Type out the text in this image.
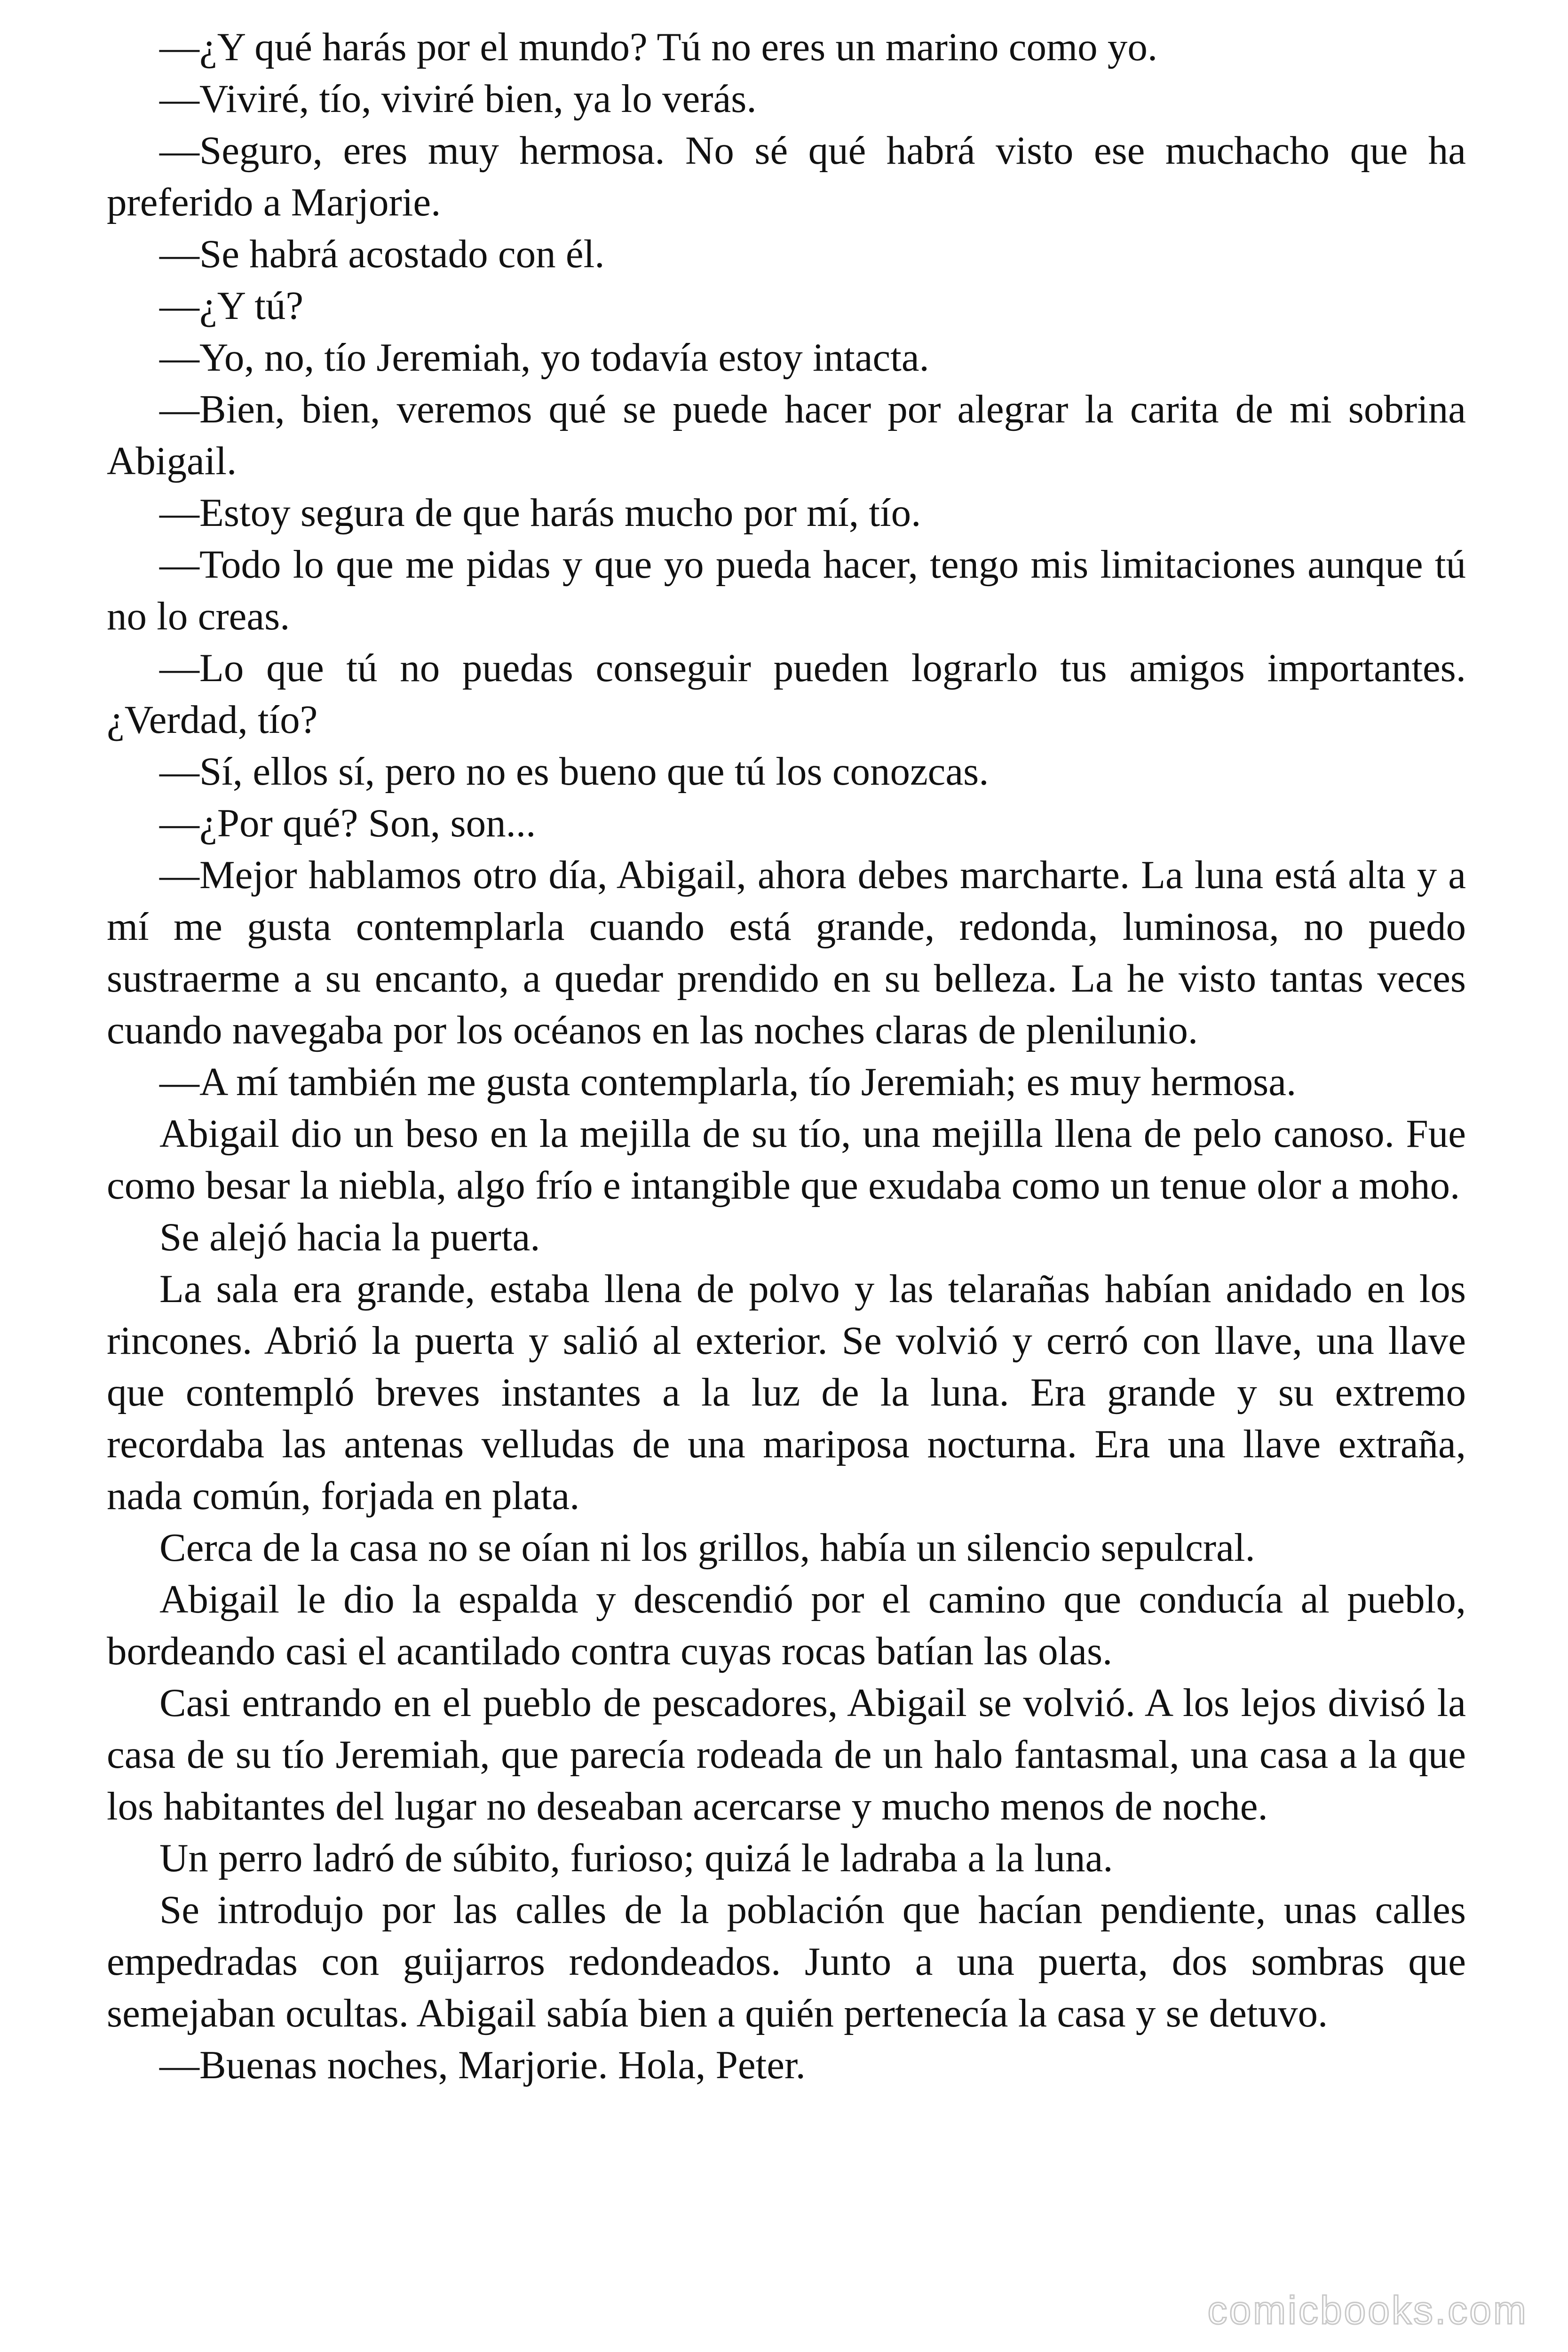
—¿Y qué harás por el mundo? Tú no eres un marino como yo.

—Viviré, tío, viviré bien, ya lo verás.

—Seguro, eres muy hermosa. No sé qué habrá visto ese muchacho que ha preferido a Marjorie.

—Se habrá acostado con él.

—¿Y tú?

—Yo, no, tío Jeremiah, yo todavía estoy intacta.

—Bien, bien, veremos qué se puede hacer por alegrar la carita de mi sobrina Abigail.

—Estoy segura de que harás mucho por mí, tío.

—Todo lo que me pidas y que yo pueda hacer, tengo mis limitaciones aunque tú no lo creas.

—Lo que tú no puedas conseguir pueden lograrlo tus amigos importantes. ¿Verdad, tío?

—Sí, ellos sí, pero no es bueno que tú los conozcas.

—¿Por qué? Son, son...

—Mejor hablamos otro día, Abigail, ahora debes marcharte. La luna está alta y a mí me gusta contemplarla cuando está grande, redonda, luminosa, no puedo sustraerme a su encanto, a quedar prendido en su belleza. La he visto tantas veces cuando navegaba por los océanos en las noches claras de plenilunio.

—A mí también me gusta contemplarla, tío Jeremiah; es muy hermosa.

Abigail dio un beso en la mejilla de su tío, una mejilla llena de pelo canoso. Fue como besar la niebla, algo frío e intangible que exudaba como un tenue olor a moho.

Se alejó hacia la puerta.

La sala era grande, estaba llena de polvo y las telarañas habían anidado en los rincones. Abrió la puerta y salió al exterior. Se volvió y cerró con llave, una llave que contempló breves instantes a la luz de la luna. Era grande y su extremo recordaba las antenas velludas de una mariposa nocturna. Era una llave extraña, nada común, forjada en plata.

Cerca de la casa no se oían ni los grillos, había un silencio sepulcral.

Abigail le dio la espalda y descendió por el camino que conducía al pueblo, bordeando casi el acantilado contra cuyas rocas batían las olas.

Casi entrando en el pueblo de pescadores, Abigail se volvió. A los lejos divisó la casa de su tío Jeremiah, que parecía rodeada de un halo fantasmal, una casa a la que los habitantes del lugar no deseaban acercarse y mucho menos de noche.

Un perro ladró de súbito, furioso; quizá le ladraba a la luna.

Se introdujo por las calles de la población que hacían pendiente, unas calles empedradas con guijarros redondeados. Junto a una puerta, dos sombras que semejaban ocultas. Abigail sabía bien a quién pertenecía la casa y se detuvo.

—Buenas noches, Marjorie. Hola, Peter.

comicbooks.com
